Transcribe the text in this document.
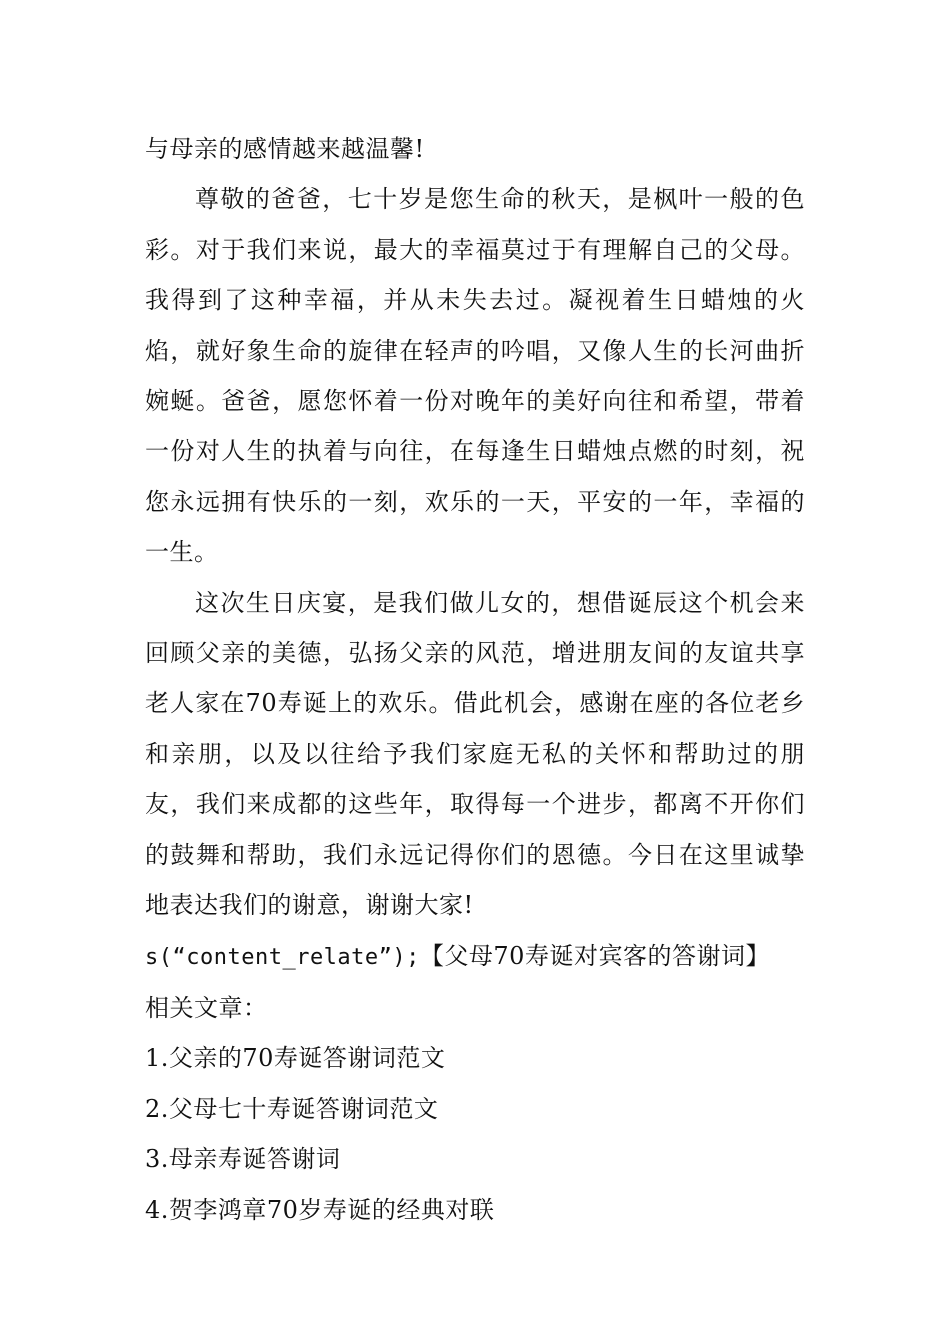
与母亲的感情越来越温馨!

尊敬的爸爸，七十岁是您生命的秋天，是枫叶一般的色彩。对于我们来说，最大的幸福莫过于有理解自己的父母。我得到了这种幸福，并从未失去过。凝视着生日蜡烛的火焰，就好象生命的旋律在轻声的吟唱，又像人生的长河曲折婉蜒。爸爸，愿您怀着一份对晚年的美好向往和希望，带着一份对人生的执着与向往，在每逢生日蜡烛点燃的时刻，祝您永远拥有快乐的一刻，欢乐的一天，平安的一年，幸福的一生。

这次生日庆宴，是我们做儿女的，想借诞辰这个机会来回顾父亲的美德，弘扬父亲的风范，增进朋友间的友谊共享老人家在70寿诞上的欢乐。借此机会，感谢在座的各位老乡和亲朋，以及以往给予我们家庭无私的关怀和帮助过的朋友，我们来成都的这些年，取得每一个进步，都离不开你们的鼓舞和帮助，我们永远记得你们的恩德。今日在这里诚挚地表达我们的谢意，谢谢大家!

s(“content_relate”);【父母70寿诞对宾客的答谢词】

相关文章：

1.父亲的70寿诞答谢词范文
2.父母七十寿诞答谢词范文
3.母亲寿诞答谢词
4.贺李鸿章70岁寿诞的经典对联
